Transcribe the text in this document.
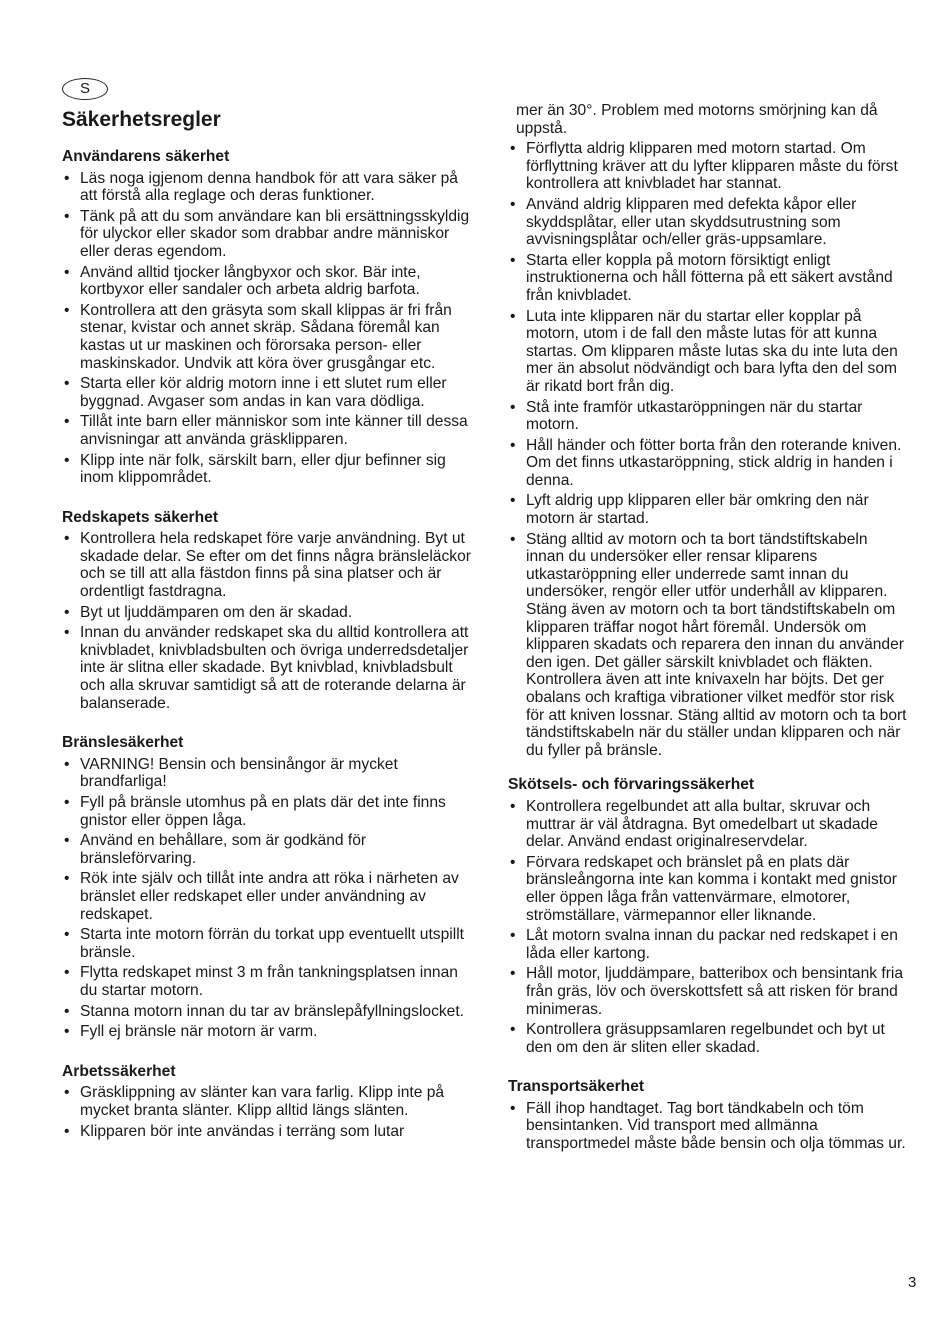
S
Säkerhetsregler
Användarens säkerhet
• Läs noga igjenom denna handbok för att vara säker på att förstå alla reglage och deras funktioner.
• Tänk på att du som användare kan bli ersättningsskyldig för ulyckor eller skador som drabbar andre människor eller deras egendom.
• Använd alltid tjocker långbyxor och skor. Bär inte, kortbyxor eller sandaler och arbeta aldrig barfota.
• Kontrollera att den gräsyta som skall klippas är fri från stenar, kvistar och annet skräp. Sådana föremål kan kastas ut ur maskinen och förorsaka person- eller maskinskador. Undvik att köra över grusgångar etc.
• Starta eller kör aldrig motorn inne i ett slutet rum eller byggnad. Avgaser som andas in kan vara dödliga.
• Tillåt inte barn eller människor som inte känner till dessa anvisningar att använda gräsklipparen.
• Klipp inte när folk, särskilt barn, eller djur befinner sig inom klippområdet.
Redskapets säkerhet
• Kontrollera hela redskapet före varje användning. Byt ut skadade delar. Se efter om det finns några bränsleläckor och se till att alla fästdon finns på sina platser och är ordentligt fastdragna.
• Byt ut ljuddämparen om den är skadad.
• Innan du använder redskapet ska du alltid kontrollera att knivbladet, knivbladsbulten och övriga underredsdetaljer inte är slitna eller skadade. Byt knivblad, knivbladsbult och alla skruvar samtidigt så att de roterande delarna är balanserade.
Bränslesäkerhet
• VARNING! Bensin och bensinångor är mycket brandfarliga!
• Fyll på bränsle utomhus på en plats där det inte finns gnistor eller öppen låga.
• Använd en behållare, som är godkänd för bränsleförvaring.
• Rök inte själv och tillåt inte andra att röka i närheten av bränslet eller redskapet eller under användning av redskapet.
• Starta inte motorn förrän du torkat upp eventuellt utspillt bränsle.
• Flytta redskapet minst 3 m från tankningsplatsen innan du startar motorn.
• Stanna motorn innan du tar av bränslepåfyllningslocket.
• Fyll ej bränsle när motorn är varm.
Arbetssäkerhet
• Gräsklippning av slänter kan vara farlig. Klipp inte på mycket branta slänter. Klipp alltid längs slänten.
• Klipparen bör inte användas i terräng som lutar
mer än 30°. Problem med motorns smörjning kan då uppstå.
• Förflytta aldrig klipparen med motorn startad. Om förflyttning kräver att du lyfter klipparen måste du först kontrollera att knivbladet har stannat.
• Använd aldrig klipparen med defekta kåpor eller skyddsplåtar, eller utan skyddsutrustning som avvisningsplåtar och/eller gräs-uppsamlare.
• Starta eller koppla på motorn försiktigt enligt instruktionerna och håll fötterna på ett säkert avstånd från knivbladet.
• Luta inte klipparen när du startar eller kopplar på motorn, utom i de fall den måste lutas för att kunna startas. Om klipparen måste lutas ska du inte luta den mer än absolut nödvändigt och bara lyfta den del som är rikatd bort från dig.
• Stå inte framför utkastaröppningen när du startar motorn.
• Håll händer och fötter borta från den roterande kniven. Om det finns utkastaröppning, stick aldrig in handen i denna.
• Lyft aldrig upp klipparen eller bär omkring den när motorn är startad.
• Stäng alltid av motorn och ta bort tändstiftskabeln innan du undersöker eller rensar kliparens utkastaröppning eller underrede samt innan du undersöker, rengör eller utför underhåll av klipparen. Stäng även av motorn och ta bort tändstiftskabeln om klipparen träffar nogot hårt föremål. Undersök om klipparen skadats och reparera den innan du använder den igen. Det gäller särskilt knivbladet och fläkten. Kontrollera även att inte knivaxeln har böjts. Det ger obalans och kraftiga vibrationer vilket medför stor risk för att kniven lossnar. Stäng alltid av motorn och ta bort tändstiftskabeln när du ställer undan klipparen och när du fyller på bränsle.
Skötsels- och förvaringssäkerhet
• Kontrollera regelbundet att alla bultar, skruvar och muttrar är väl åtdragna. Byt omedelbart ut skadade delar. Använd endast originalreservdelar.
• Förvara redskapet och bränslet på en plats där bränsleångorna inte kan komma i kontakt med gnistor eller öppen låga från vattenvärmare, elmotorer, strömställare, värmepannor eller liknande.
• Låt motorn svalna innan du packar ned redskapet i en låda eller kartong.
• Håll motor, ljuddämpare, batteribox och bensintank fria från gräs, löv och överskottsfett så att risken för brand minimeras.
• Kontrollera gräsuppsamlaren regelbundet och byt ut den om den är sliten eller skadad.
Transportsäkerhet
• Fäll ihop handtaget. Tag bort tändkabeln och töm bensintanken. Vid transport med allmänna transportmedel måste både bensin och olja tömmas ur.
3
